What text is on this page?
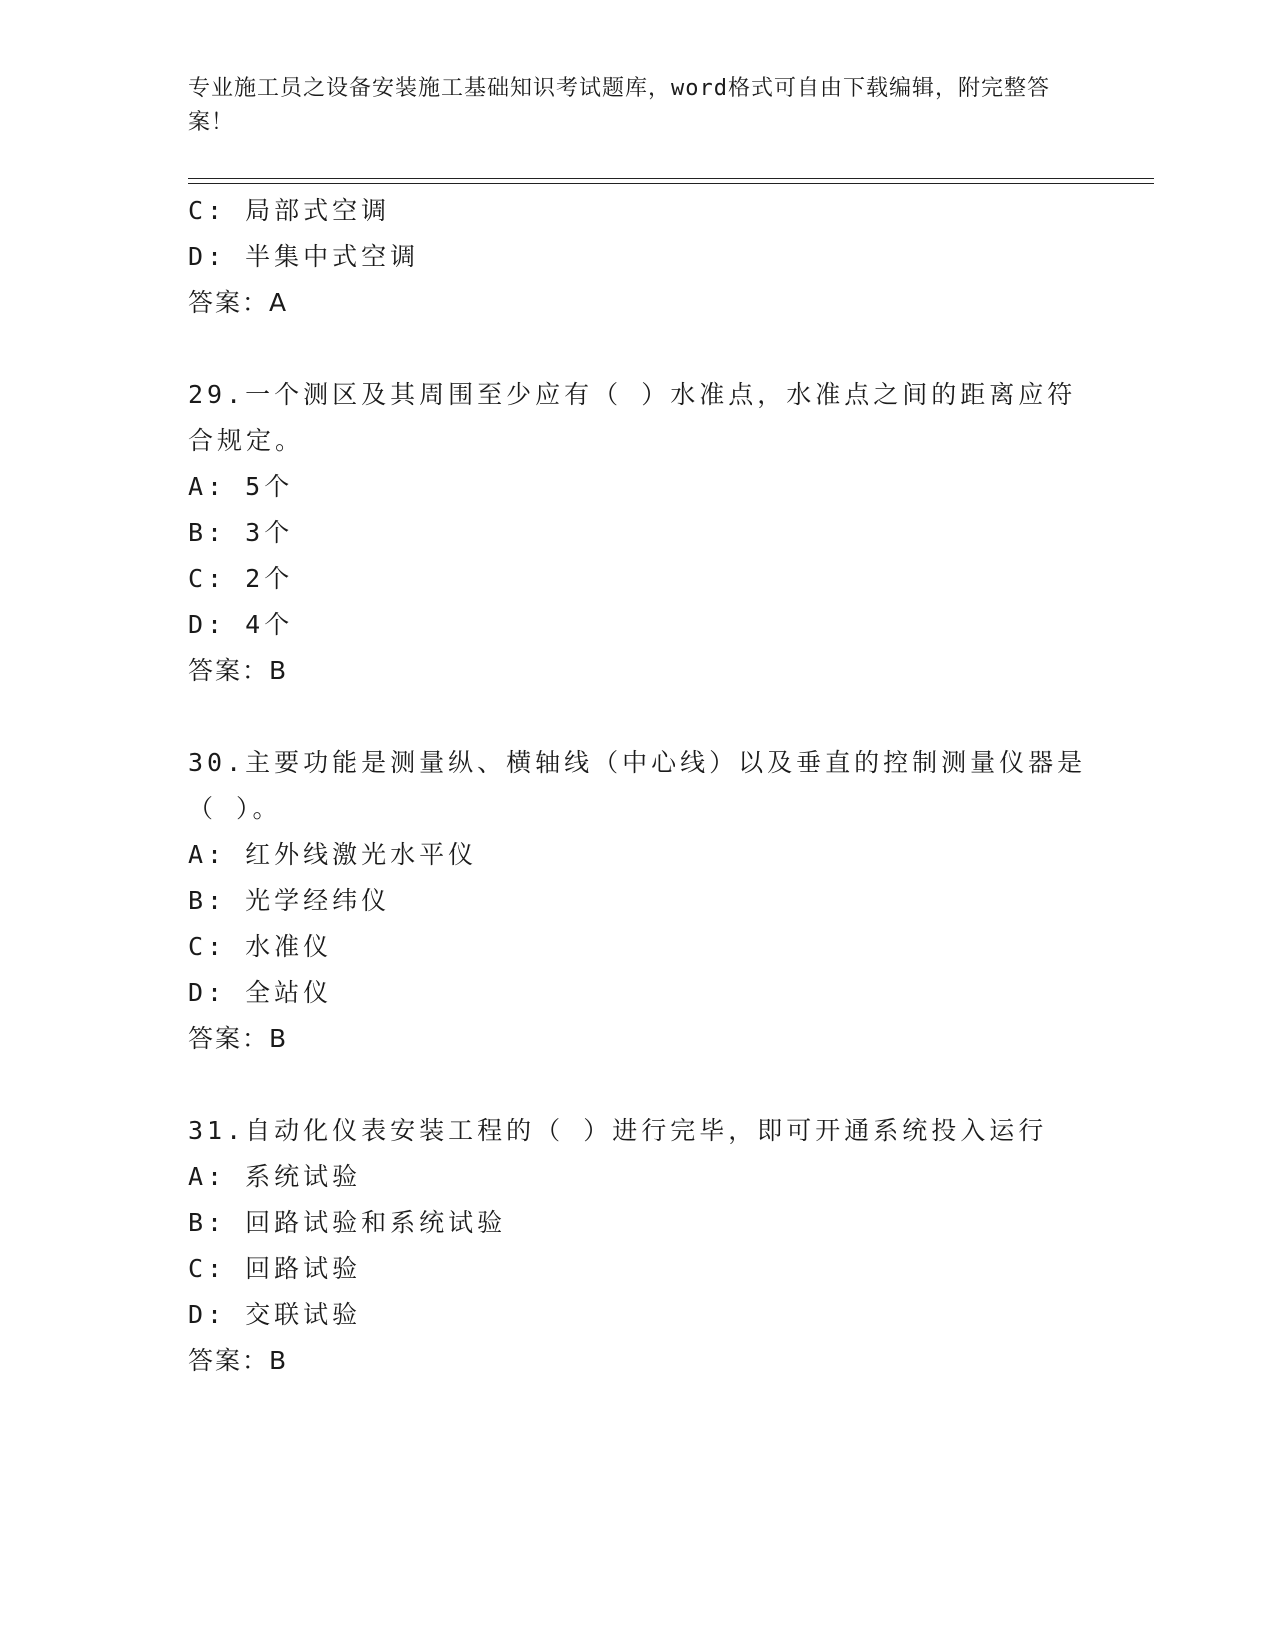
专业施工员之设备安装施工基础知识考试题库，word格式可自由下载编辑，附完整答案！
C: 局部式空调
D: 半集中式空调
答案：A
29.一个测区及其周围至少应有（ ）水准点，水准点之间的距离应符合规定。
A: 5个
B: 3个
C: 2个
D: 4个
答案：B
30.主要功能是测量纵、横轴线（中心线）以及垂直的控制测量仪器是（ ）。
A: 红外线激光水平仪
B: 光学经纬仪
C: 水准仪
D: 全站仪
答案：B
31.自动化仪表安装工程的（ ）进行完毕，即可开通系统投入运行
A: 系统试验
B: 回路试验和系统试验
C: 回路试验
D: 交联试验
答案：B
